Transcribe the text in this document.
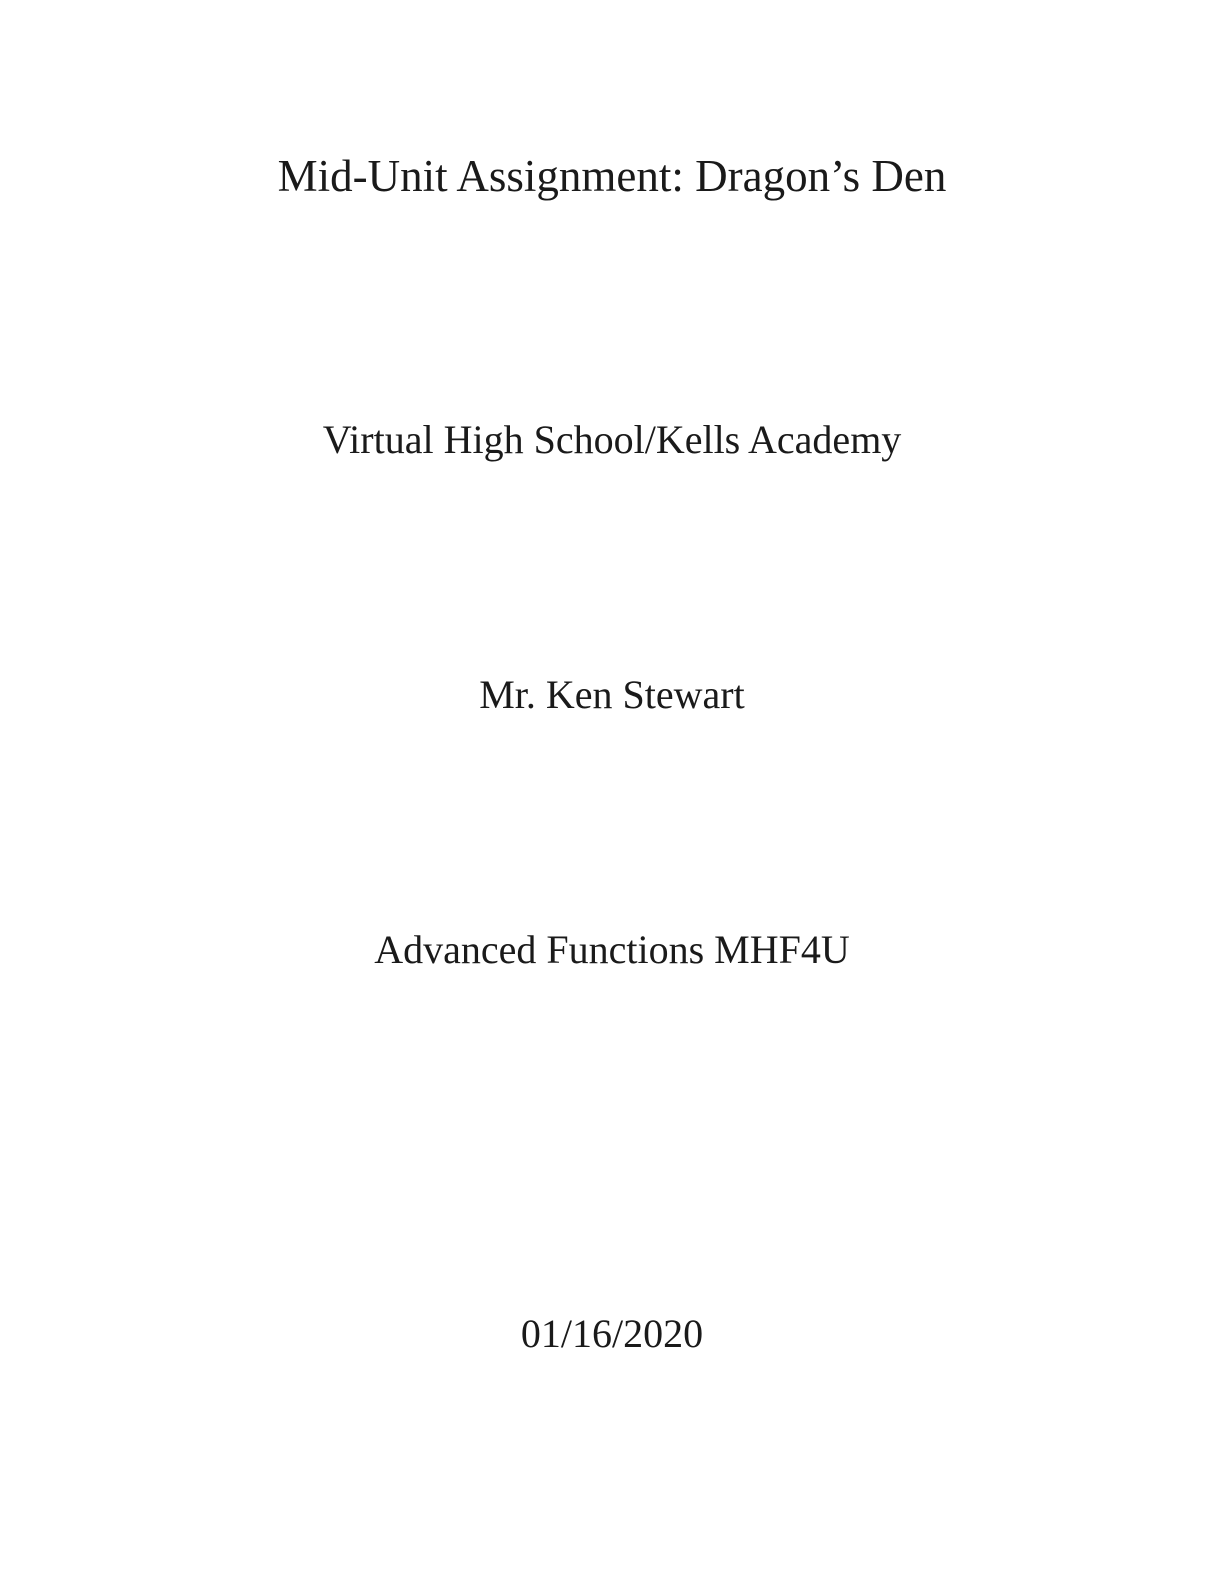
Mid-Unit Assignment: Dragon’s Den
Virtual High School/Kells Academy
Mr. Ken Stewart
Advanced Functions MHF4U
01/16/2020
